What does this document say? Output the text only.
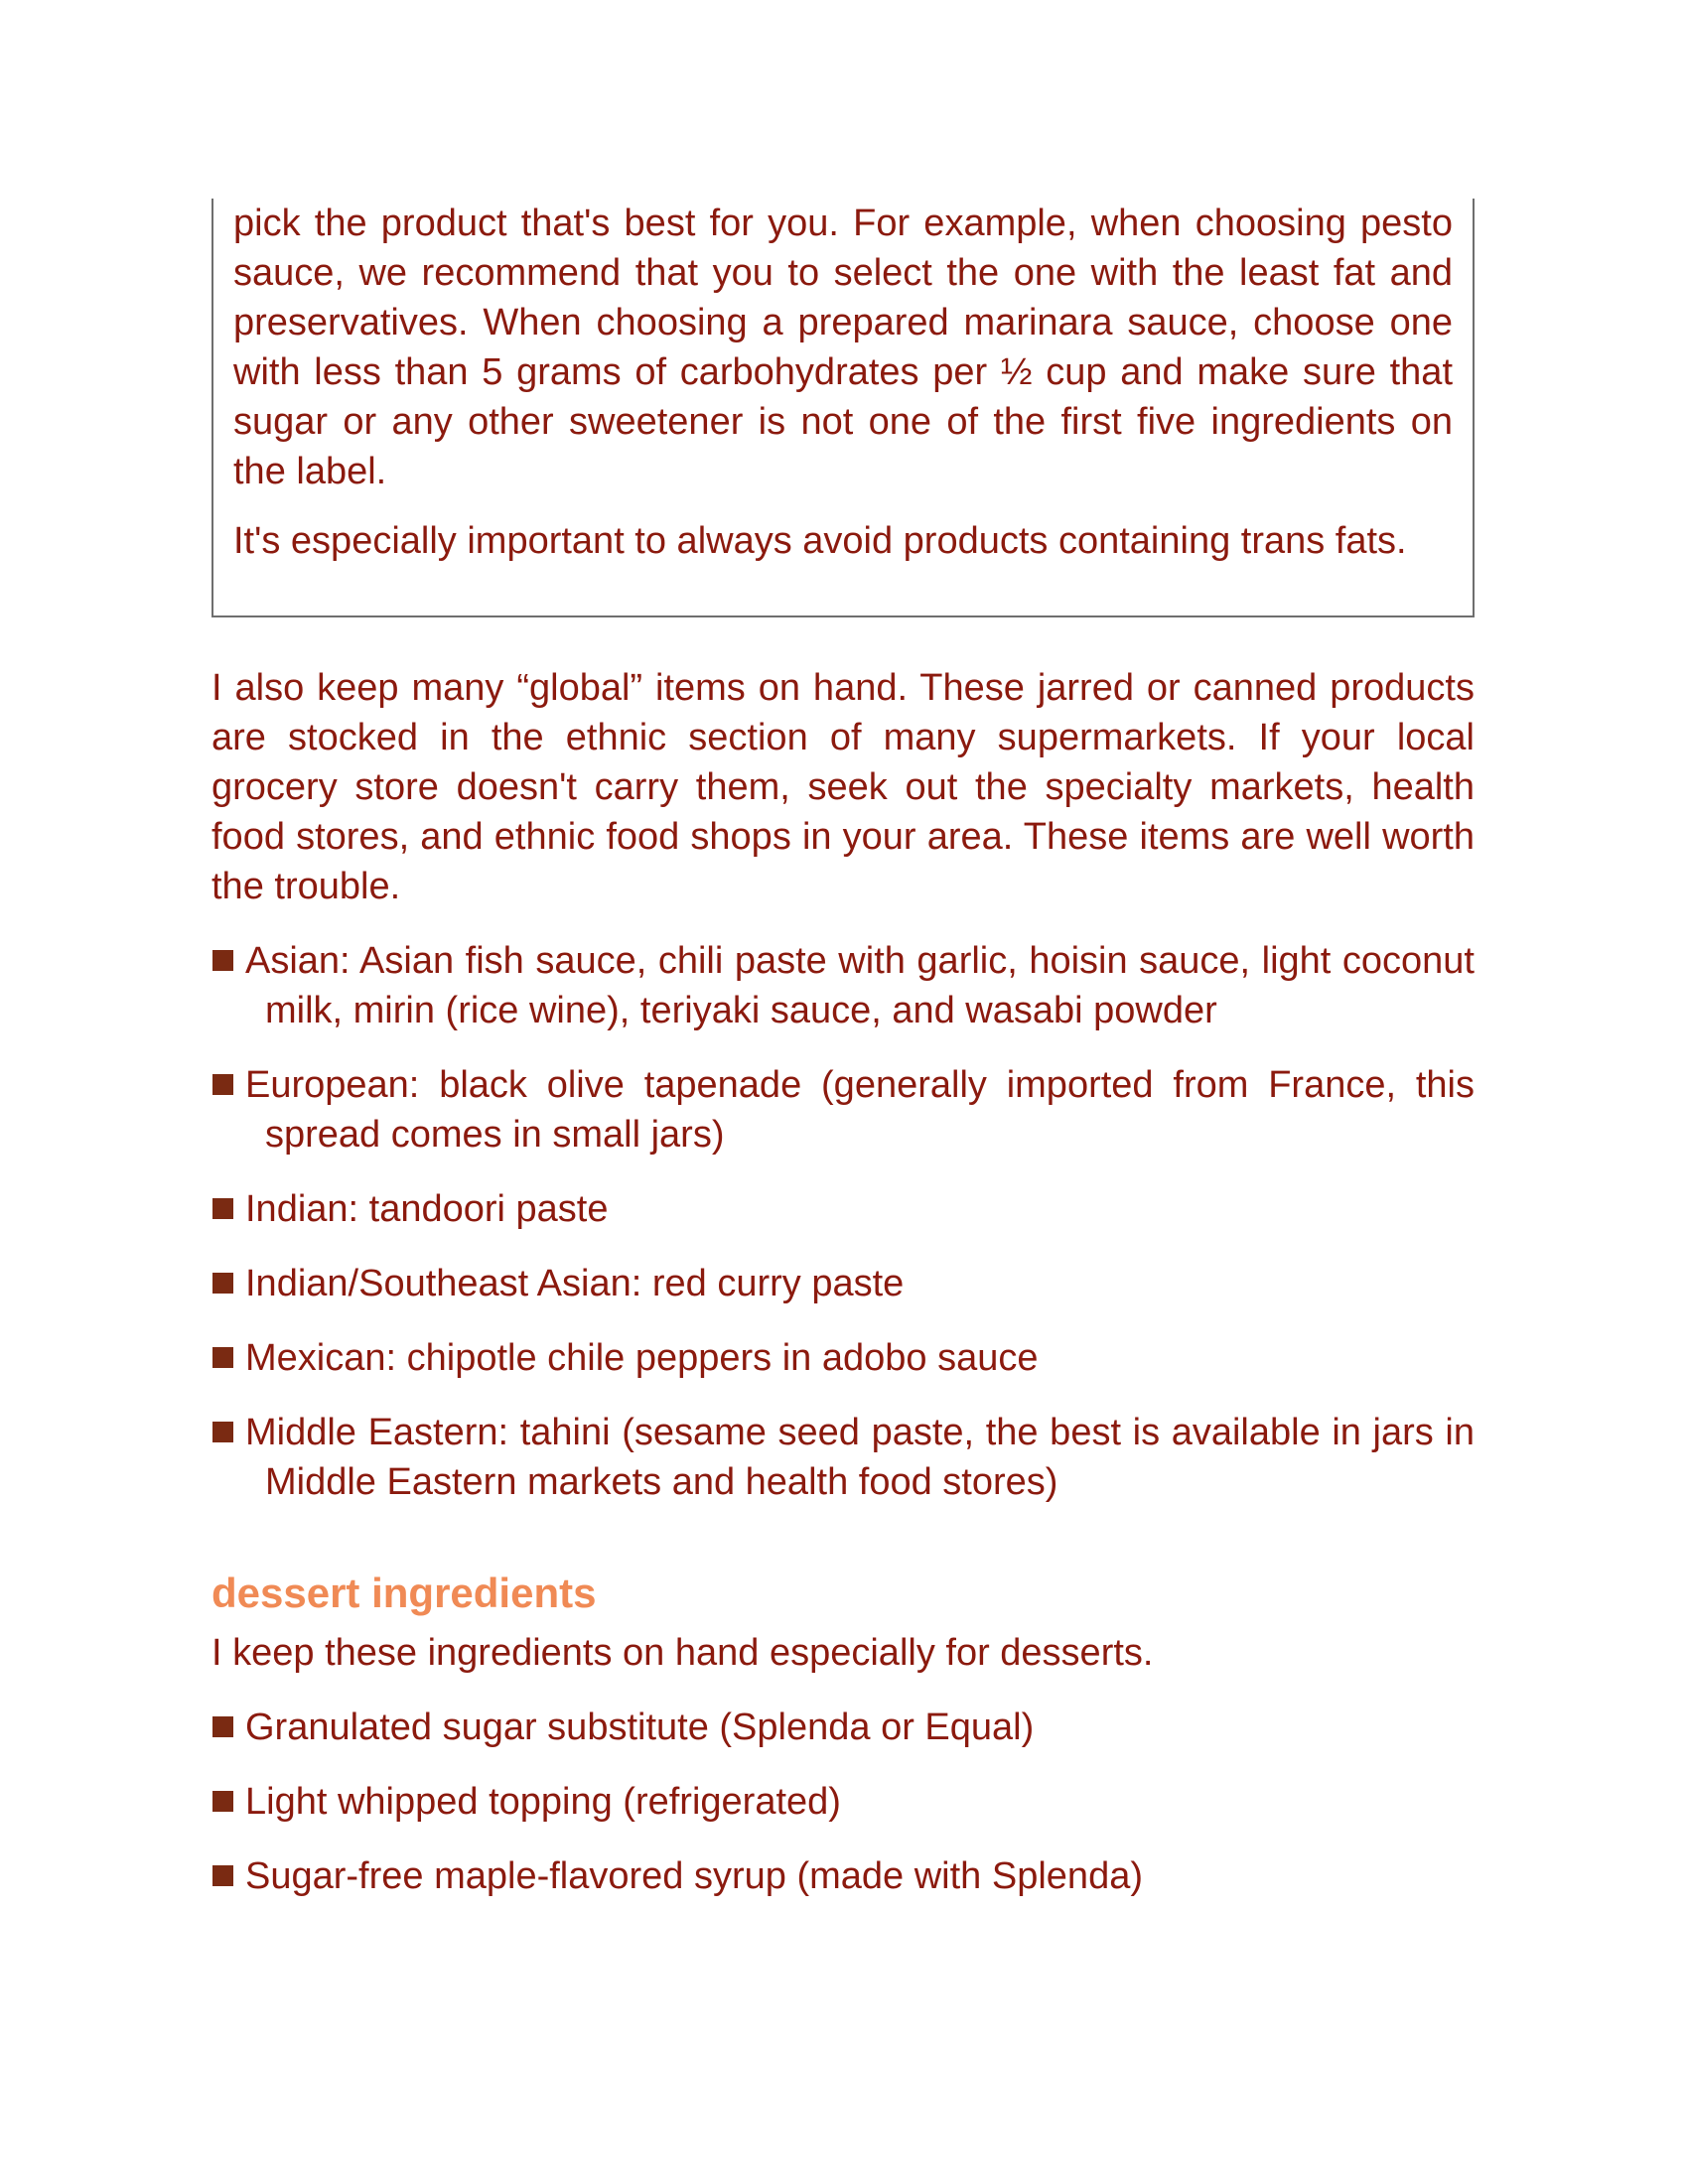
pick the product that's best for you. For example, when choosing pesto sauce, we recommend that you to select the one with the least fat and preservatives. When choosing a prepared marinara sauce, choose one with less than 5 grams of carbohydrates per ½ cup and make sure that sugar or any other sweetener is not one of the first five ingredients on the label.

It's especially important to always avoid products containing trans fats.

I also keep many “global” items on hand. These jarred or canned products are stocked in the ethnic section of many supermarkets. If your local grocery store doesn't carry them, seek out the specialty markets, health food stores, and ethnic food shops in your area. These items are well worth the trouble.

Asian: Asian fish sauce, chili paste with garlic, hoisin sauce, light coconut milk, mirin (rice wine), teriyaki sauce, and wasabi powder
European: black olive tapenade (generally imported from France, this spread comes in small jars)
Indian: tandoori paste
Indian/Southeast Asian: red curry paste
Mexican: chipotle chile peppers in adobo sauce
Middle Eastern: tahini (sesame seed paste, the best is available in jars in Middle Eastern markets and health food stores)
dessert ingredients

I keep these ingredients on hand especially for desserts.

Granulated sugar substitute (Splenda or Equal)
Light whipped topping (refrigerated)
Sugar-free maple-flavored syrup (made with Splenda)
